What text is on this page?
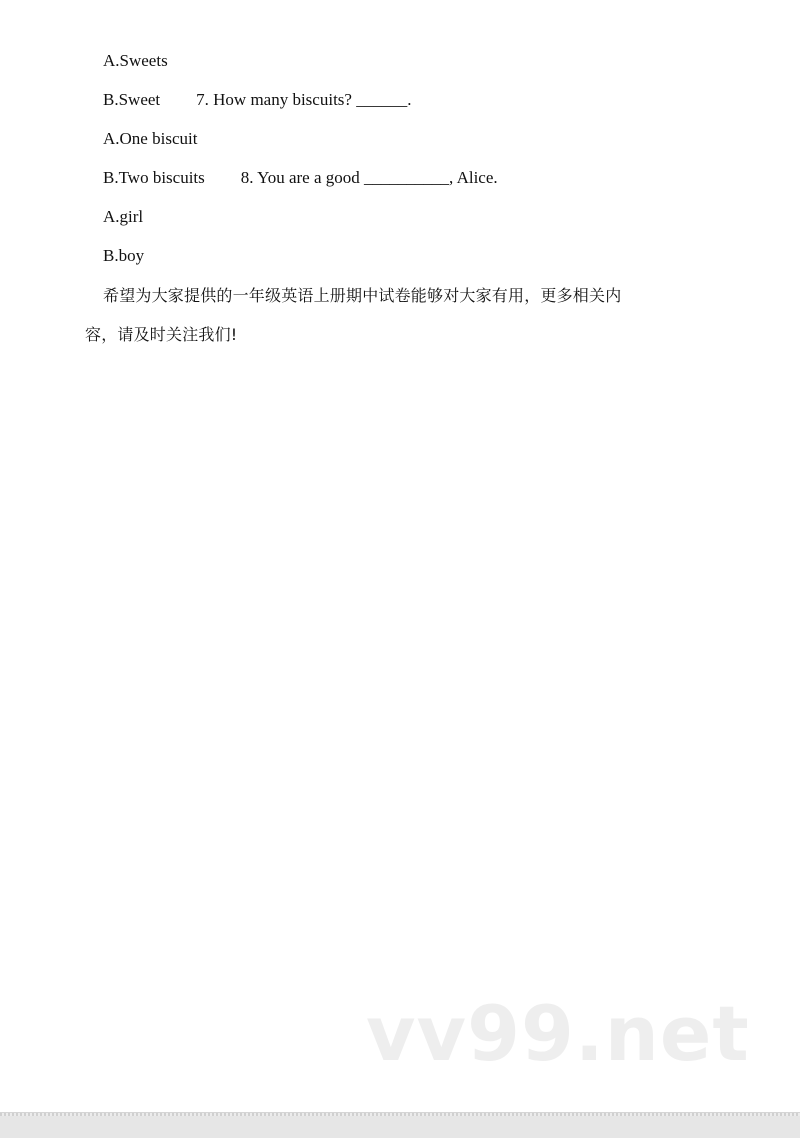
A.Sweets
B.Sweet 7. How many biscuits? ______.
A.One biscuit
B.Two biscuits 8. You are a good __________, Alice.
A.girl
B.boy
希望为大家提供的一年级英语上册期中试卷能够对大家有用，更多相关内
容，请及时关注我们!
vv99.net
